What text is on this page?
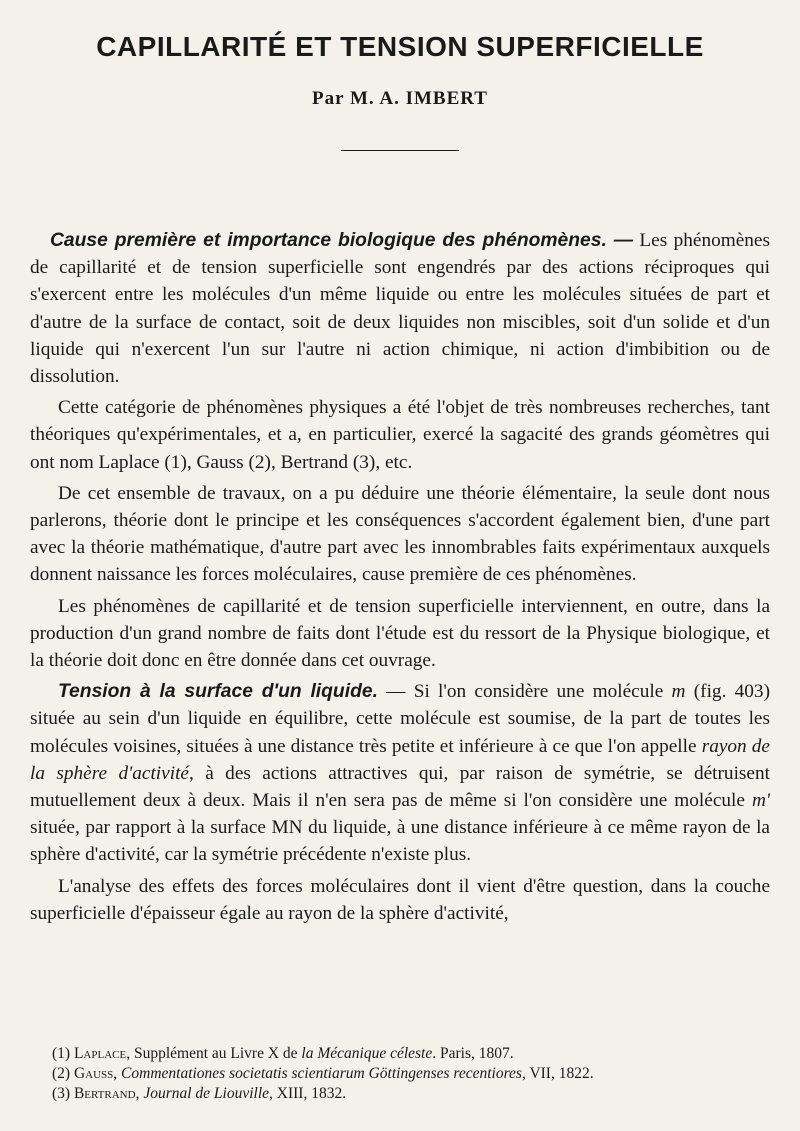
CAPILLARITÉ ET TENSION SUPERFICIELLE
Par M. A. IMBERT

Cause première et importance biologique des phénomènes. — Les phénomènes de capillarité et de tension superficielle sont engendrés par des actions réciproques qui s'exercent entre les molécules d'un même liquide ou entre les molécules situées de part et d'autre de la surface de contact, soit de deux liquides non miscibles, soit d'un solide et d'un liquide qui n'exercent l'un sur l'autre ni action chimique, ni action d'imbibition ou de dissolution.

Cette catégorie de phénomènes physiques a été l'objet de très nombreuses recherches, tant théoriques qu'expérimentales, et a, en particulier, exercé la sagacité des grands géomètres qui ont nom Laplace (1), Gauss (2), Bertrand (3), etc.

De cet ensemble de travaux, on a pu déduire une théorie élémentaire, la seule dont nous parlerons, théorie dont le principe et les conséquences s'accordent également bien, d'une part avec la théorie mathématique, d'autre part avec les innombrables faits expérimentaux auxquels donnent naissance les forces moléculaires, cause première de ces phénomènes.

Les phénomènes de capillarité et de tension superficielle interviennent, en outre, dans la production d'un grand nombre de faits dont l'étude est du ressort de la Physique biologique, et la théorie doit donc en être donnée dans cet ouvrage.

Tension à la surface d'un liquide. — Si l'on considère une molécule m (fig. 403) située au sein d'un liquide en équilibre, cette molécule est soumise, de la part de toutes les molécules voisines, situées à une distance très petite et inférieure à ce que l'on appelle rayon de la sphère d'activité, à des actions attractives qui, par raison de symétrie, se détruisent mutuellement deux à deux. Mais il n'en sera pas de même si l'on considère une molécule m' située, par rapport à la surface MN du liquide, à une distance inférieure à ce même rayon de la sphère d'activité, car la symétrie précédente n'existe plus.

L'analyse des effets des forces moléculaires dont il vient d'être question, dans la couche superficielle d'épaisseur égale au rayon de la sphère d'activité,

(1) Laplace, Supplément au Livre X de la Mécanique céleste. Paris, 1807.
(2) Gauss, Commentationes societatis scientiarum Göttingenses recentiores, VII, 1822.
(3) Bertrand, Journal de Liouville, XIII, 1832.
